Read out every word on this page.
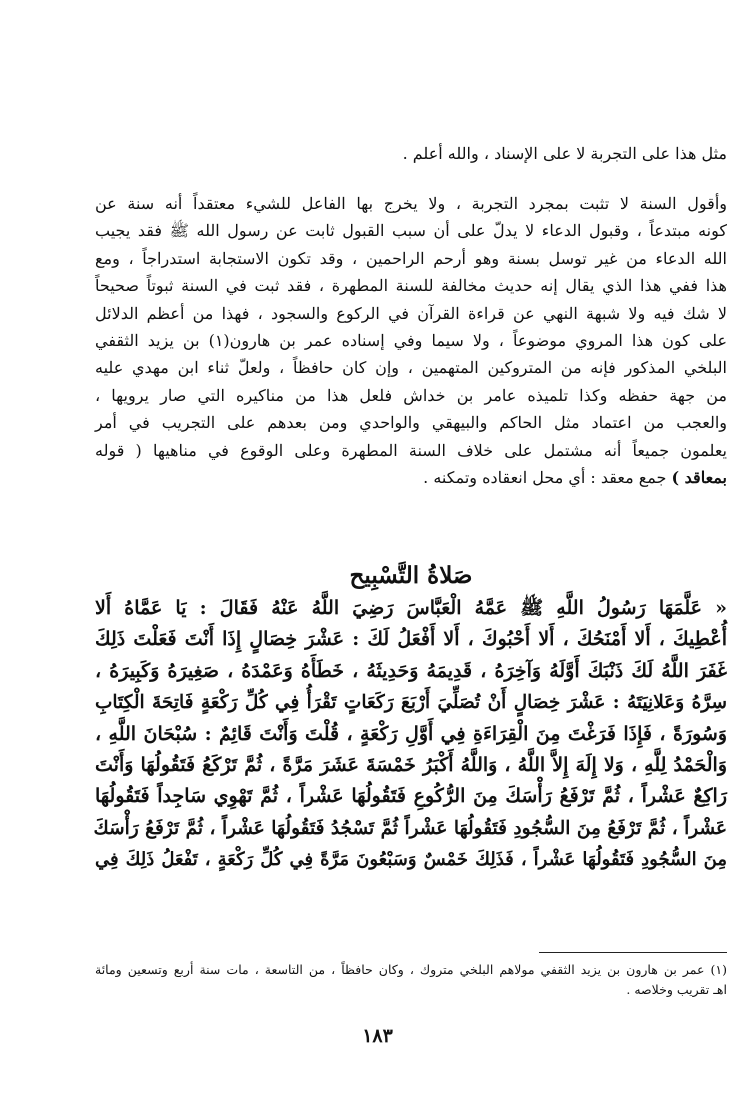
مثل هذا على التجربة لا على الإسناد ، والله أعلم .

وأقول السنة لا تثبت بمجرد التجربة ، ولا يخرج بها الفاعل للشيء معتقداً أنه سنة عن
كونه مبتدعاً ، وقبول الدعاء لا يدلّ على أن سبب القبول ثابت عن رسول الله ﷺ فقد يجيب
الله الدعاء من غير توسل بسنة وهو أرحم الراحمين ، وقد تكون الاستجابة استدراجاً ، ومع
هذا ففي هذا الذي يقال إنه حديث مخالفة للسنة المطهرة ، فقد ثبت في السنة ثبوتاً صحيحاً
لا شك فيه ولا شبهة النهي عن قراءة القرآن في الركوع والسجود ، فهذا من أعظم الدلائل
على كون هذا المروي موضوعاً ، ولا سيما وفي إسناده عمر بن هارون(١) بن يزيد الثقفي
البلخي المذكور فإنه من المتروكين المتهمين ، وإن كان حافظاً ، ولعلّ ثناء ابن مهدي عليه
من جهة حفظه وكذا تلميذه عامر بن خداش فلعل هذا من مناكيره التي صار يرويها ،
والعجب من اعتماد مثل الحاكم والبيهقي والواحدي ومن بعدهم على التجريب في أمر
يعلمون جميعاً أنه مشتمل على خلاف السنة المطهرة وعلى الوقوع في مناهيها ( قوله
بمعاقد ) جمع معقد : أي محل انعقاده وتمكنه .

صَلاةُ التَّسْبِيح

« عَلَّمَهَا رَسُولُ اللَّهِ ﷺ عَمَّهُ الْعَبَّاسَ رَضِيَ اللَّهُ عَنْهُ فَقَالَ : يَا عَمَّاهُ أَلا
أُعْطِيكَ ، أَلا أَمْنَحُكَ ، أَلا أَحْبُوكَ ، أَلا أَفْعَلُ لَكَ : عَشْرَ خِصَالٍ إِذَا أَنْتَ فَعَلْتَ ذَلِكَ
غَفَرَ اللَّهُ لَكَ ذَنْبَكَ أَوَّلَهُ وَآخِرَهُ ، قَدِيمَهُ وَحَدِيثَهُ ، خَطَأَهُ وَعَمْدَهُ ، صَغِيرَهُ وَكَبِيرَهُ ،
سِرَّهُ وَعَلانِيَتَهُ : عَشْرَ خِصَالٍ أَنْ تُصَلِّيَ أَرْبَعَ رَكَعَاتٍ تَقْرَأُ فِي كُلِّ رَكْعَةٍ فَاتِحَةَ الْكِتَابِ
وَسُورَةً ، فَإِذَا فَرَغْتَ مِنَ الْقِرَاءَةِ فِي أَوَّلِ رَكْعَةٍ ، قُلْتَ وَأَنْتَ قَائِمٌ : سُبْحَانَ اللَّهِ ،
وَالْحَمْدُ لِلَّهِ ، وَلا إِلَهَ إِلاَّ اللَّهُ ، وَاللَّهُ أَكْبَرُ خَمْسَةَ عَشَرَ مَرَّةً ، ثُمَّ تَرْكَعُ فَتَقُولُهَا وَأَنْتَ
رَاكِعٌ عَشْراً ، ثُمَّ تَرْفَعُ رَأْسَكَ مِنَ الرُّكُوعِ فَتَقُولُهَا عَشْراً ، ثُمَّ تَهْوِي سَاجِداً فَتَقُولُهَا
عَشْراً ، ثُمَّ تَرْفَعُ مِنَ السُّجُودِ فَتَقُولُهَا عَشْراً ثُمَّ تَسْجُدُ فَتَقُولُهَا عَشْراً ، ثُمَّ تَرْفَعُ رَأْسَكَ
مِنَ السُّجُودِ فَتَقُولُهَا عَشْراً ، فَذَلِكَ خَمْسٌ وَسَبْعُونَ مَرَّةً فِي كُلِّ رَكْعَةٍ ، تَفْعَلُ ذَلِكَ فِي

(١) عمر بن هارون بن يزيد الثقفي مولاهم البلخي متروك ، وكان حافظاً ، من التاسعة ، مات سنة أربع وتسعين ومائة
اهـ تقريب وخلاصه .

١٨٣
